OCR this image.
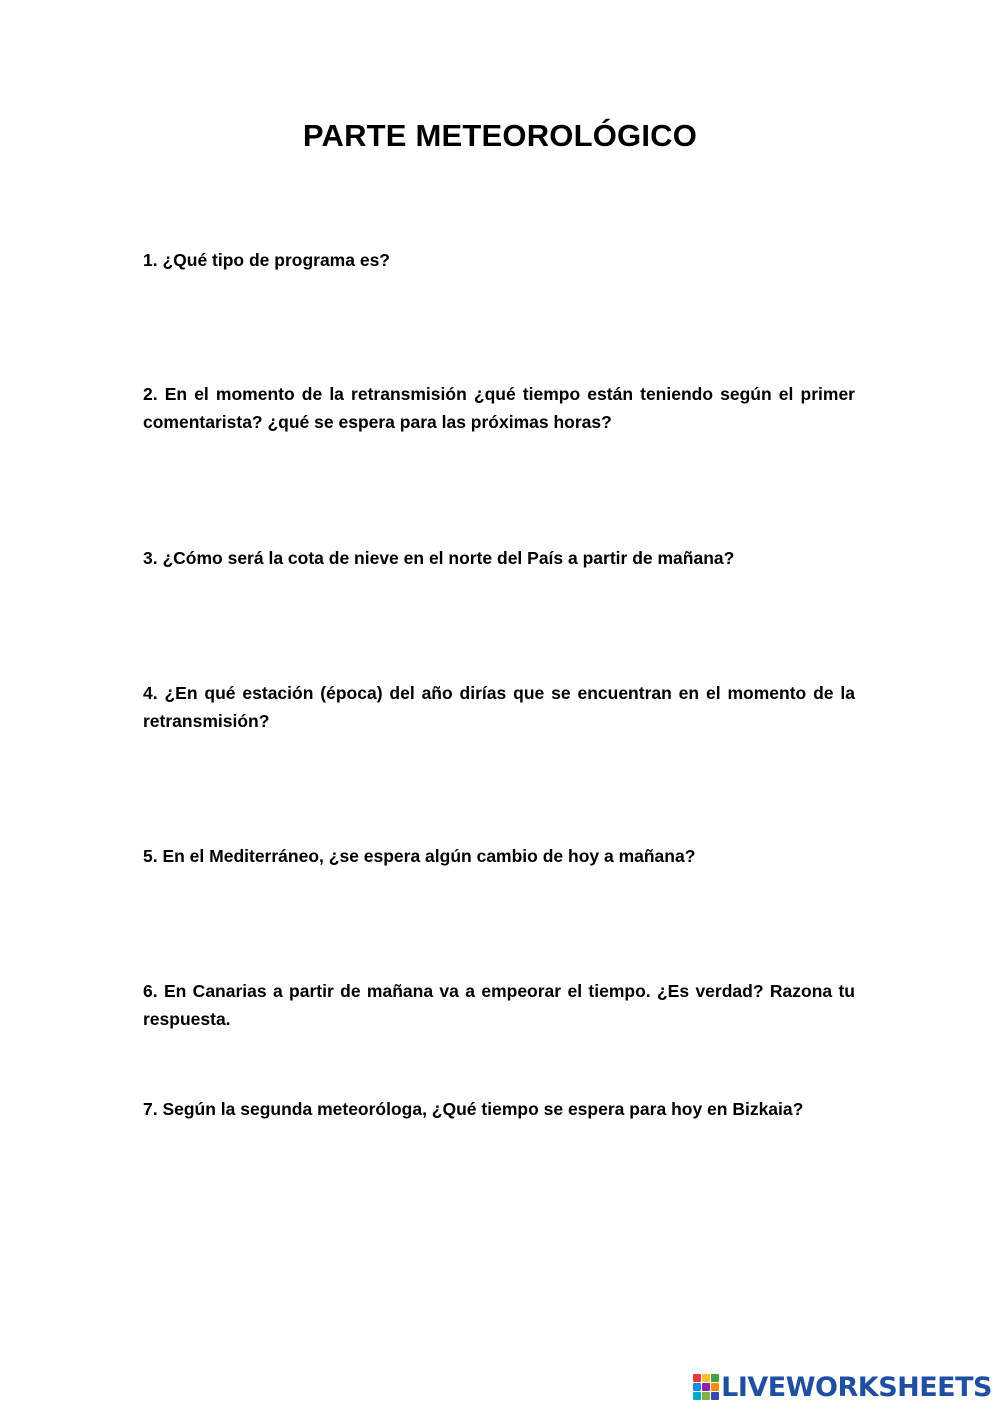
PARTE METEOROLÓGICO

1. ¿Qué tipo de programa es?

2. En el momento de la retransmisión ¿qué tiempo están teniendo según el primer comentarista? ¿qué se espera para las próximas horas?

3. ¿Cómo será la cota de nieve en el norte del País a partir de mañana?

4. ¿En qué estación (época) del año dirías que se encuentran en el momento de la retransmisión?

5. En el Mediterráneo, ¿se espera algún cambio de hoy a mañana?

6. En Canarias a partir de mañana va a empeorar el tiempo. ¿Es verdad? Razona tu respuesta.

7. Según la segunda meteoróloga, ¿Qué tiempo se espera para hoy en Bizkaia?

LIVEWORKSHEETS
